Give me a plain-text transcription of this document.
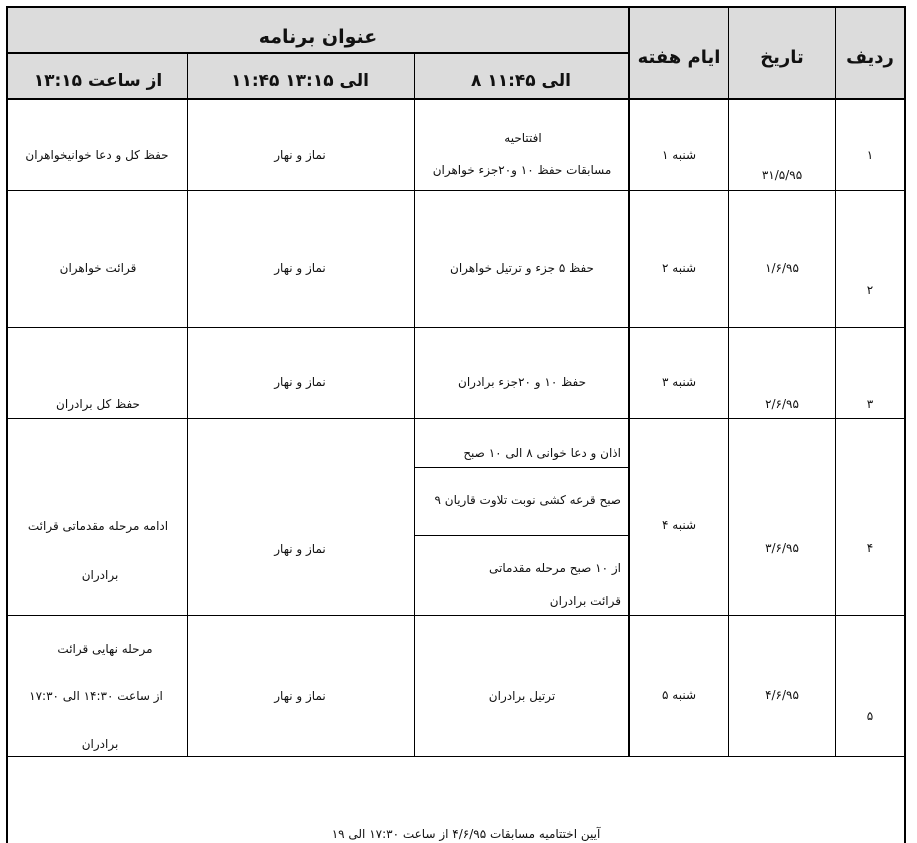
عنوان برنامه
از ساعت ۱۳:۱۵	۱۱:۴۵ الی ۱۳:۱۵	۸ الی ۱۱:۴۵
ایام هفته تاریخ ردیف
۱
۳۱/۵/۹۵
۱ شنبه
افتتاحیه
مسابقات حفظ ۱۰ و۲۰جزء خواهران
نماز و نهار
حفظ کل و دعا خوانیخواهران
۲
۱/۶/۹۵
۲ شنبه
حفظ ۵ جزء و ترتیل خواهران
نماز و نهار
قرائت خواهران
۳
۲/۶/۹۵
۳ شنبه
حفظ ۱۰ و ۲۰جزء برادران
نماز و نهار
حفظ کل برادران
۴
۳/۶/۹۵
۴ شنبه
اذان و دعا خوانی ۸ الی ۱۰ صبح
۹ صبح قرعه کشی نوبت تلاوت قاریان
از ۱۰ صبح مرحله مقدماتی
قرائت برادران
نماز و نهار
ادامه مرحله مقدماتی قرائت
برادران
۵
۴/۶/۹۵
۵ شنبه
ترتیل برادران
نماز و نهار
مرحله نهایی قرائت
از ساعت ۱۴:۳۰ الی ۱۷:۳۰
برادران
آیین اختتامیه مسابقات ۴/۶/۹۵ از ساعت ۱۷:۳۰ الی ۱۹
